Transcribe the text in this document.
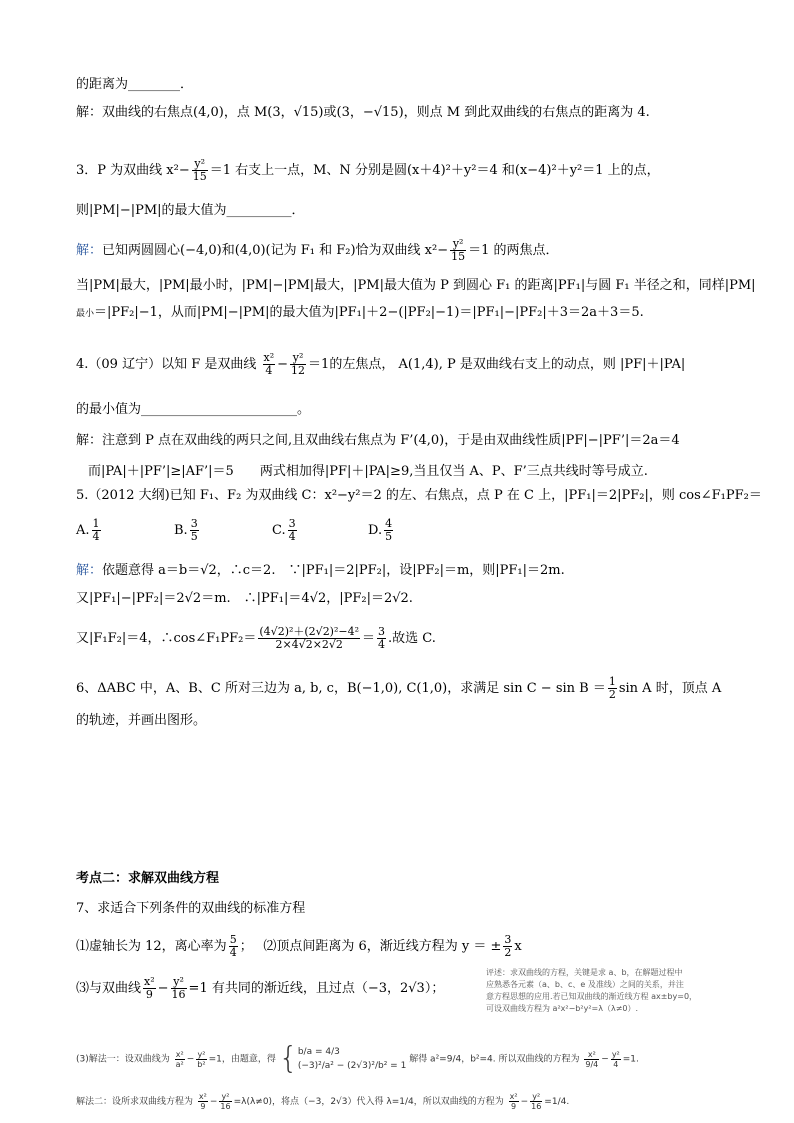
的距离为________．
解：双曲线的右焦点(4,0)，点 M(3，√15)或(3，−√15)，则点 M 到此双曲线的右焦点的距离为 4.
3．P 为双曲线 $x^2- \frac{\text{y²}}{15} =1$ 右支上一点，M、N 分别是圆(x＋4)²＋y²＝4 和(x−4)²＋y²＝1 上的点，
则|PM|−|PM|的最大值为__________．
解：已知两圆圆心(−4,0)和(4,0)(记为 F₁ 和 F₂)恰为双曲线 $x^2- \frac{\text{y²}}{15} =1$ 的两焦点．
当|PM|最大，|PM|最小时，|PM|−|PM|最大，|PM|最大值为 P 到圆心 F₁ 的距离|PF₁|与圆 F₁ 半径之和，同样|PM|
最小＝|PF₂|−1，从而|PM|−|PM|的最大值为|PF₁|＋2−(|PF₂|−1)＝|PF₁|−|PF₂|＋3＝2a＋3＝5.
4.（09 辽宁）以知 F 是双曲线 $\frac{\text{x²}}{4} - \frac{\text{y²}}{12} =1$的左焦点， A(1,4), P 是双曲线右支上的动点，则 |PF|＋|PA|
的最小值为________________________。
解：注意到 P 点在双曲线的两只之间,且双曲线右焦点为 F’(4,0)，于是由双曲线性质|PF|−|PF’|＝2a＝4
而|PA|＋|PF’|≥|AF’|＝5　　两式相加得|PF|＋|PA|≥9,当且仅当 A、P、F’三点共线时等号成立.
5.（2012 大纲)已知 F₁、F₂ 为双曲线 C：x²−y²＝2 的左、右焦点，点 P 在 C 上，|PF₁|＝2|PF₂|，则 cos∠F₁PF₂＝
A. $\frac{1}{4}$	B. $\frac{3}{5}$	C. $\frac{3}{4}$	D. $\frac{4}{5}$
解：依题意得 a＝b＝√2，∴c＝2.　∵|PF₁|＝2|PF₂|，设|PF₂|＝m，则|PF₁|＝2m.
又|PF₁|−|PF₂|＝2√2＝m.　∴|PF₁|＝4√2，|PF₂|＝2√2.
又|F₁F₂|＝4，∴cos∠F₁PF₂＝ $\frac{\text{(4√2)²＋(2√2)²−4²}}{2\times 4√2\times 2√2} = \frac{3}{4}$ .故选 C.
6、ΔABC 中，A、B、C 所对三边为 a, b, c，B(−1,0), C(1,0)，求满足 $\sin C - \sin B = \frac{1}{2}$ sin A 时，顶点 A
的轨迹，并画出图形。
考点二：求解双曲线方程
7、求适合下列条件的双曲线的标准方程
⑴虚轴长为 12，离心率为 $\frac{5}{4}$ ；　 ⑵顶点间距离为 6，渐近线方程为 y ＝ ± $\frac{3}{2}$ x
⑶与双曲线 $\frac{\text{x²}}{9} - \frac{\text{y²}}{16} =1$ 有共同的渐近线，且过点（−3，2√3）；
评述：求双曲线的方程，关键是求 a、b，在解题过程中
应熟悉各元素（a、b、c、e 及准线）之间的关系，并注
意方程思想的应用.若已知双曲线的渐近线方程 ax±by=0，
可设双曲线方程为 a²x²−b²y²=λ（λ≠0）.
(3)解法一：设双曲线为 $\frac{\text{x²}}{\text{a²}} - \frac{\text{y²}}{\text{b²}} =1$，由题意，得 { b/a = 4/3
(−3)²/a² − (2√3)²/b² = 1
解得 a²=9/4，b²=4. 所以双曲线的方程为 $\frac{\text{x²}}{9/4} - \frac{\text{y²}}{4} =1$.
解法二：设所求双曲线方程为 $\frac{\text{x²}}{9} - \frac{\text{y²}}{16} =\lambda(\lambda\ne 0)$，将点（−3，2√3）代入得 λ=1/4，所以双曲线的方程为 $\frac{\text{x²}}{9} - \frac{\text{y²}}{16} =1/4$.
